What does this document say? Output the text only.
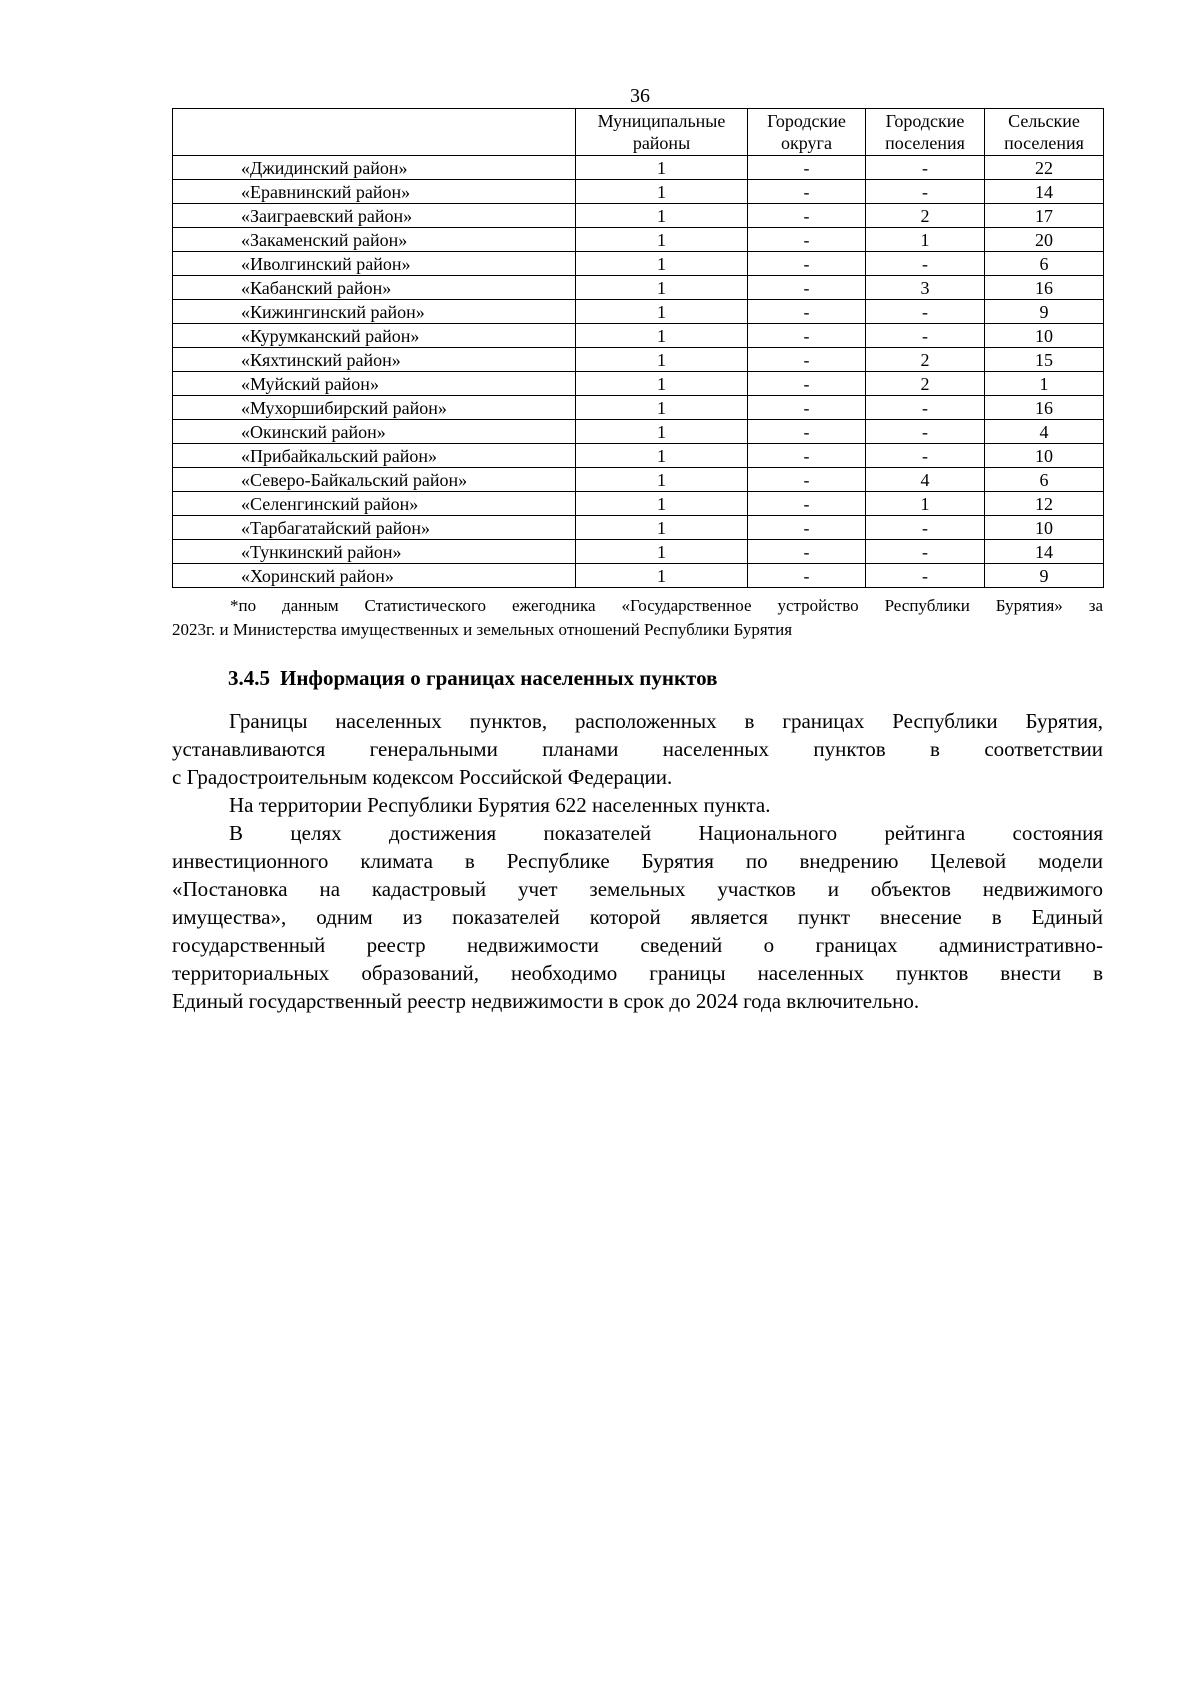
36
	Муниципальные районы	Городские округа	Городские поселения	Сельские поселения
«Джидинский район»	1	-	-	22
«Еравнинский район»	1	-	-	14
«Заиграевский район»	1	-	2	17
«Закаменский район»	1	-	1	20
«Иволгинский район»	1	-	-	6
«Кабанский район»	1	-	3	16
«Кижингинский район»	1	-	-	9
«Курумканский район»	1	-	-	10
«Кяхтинский район»	1	-	2	15
«Муйский район»	1	-	2	1
«Мухоршибирский район»	1	-	-	16
«Окинский район»	1	-	-	4
«Прибайкальский район»	1	-	-	10
«Северо-Байкальский район»	1	-	4	6
«Селенгинский район»	1	-	1	12
«Тарбагатайский район»	1	-	-	10
«Тункинский район»	1	-	-	14
«Хоринский район»	1	-	-	9

*по данным Статистического ежегодника «Государственное устройство Республики Бурятия» за

2023г. и Министерства имущественных и земельных отношений Республики Бурятия

3.4.5 Информация о границах населенных пунктов
Границы населенных пунктов, расположенных в границах Республики Бурятия,
устанавливаются генеральными планами населенных пунктов в соответствии
с Градостроительным кодексом Российской Федерации.
На территории Республики Бурятия 622 населенных пункта.
В целях достижения показателей Национального рейтинга состояния
инвестиционного климата в Республике Бурятия по внедрению Целевой модели
«Постановка на кадастровый учет земельных участков и объектов недвижимого
имущества», одним из показателей которой является пункт внесение в Единый
государственный реестр недвижимости сведений о границах административно-
территориальных образований, необходимо границы населенных пунктов внести в
Единый государственный реестр недвижимости в срок до 2024 года включительно.
